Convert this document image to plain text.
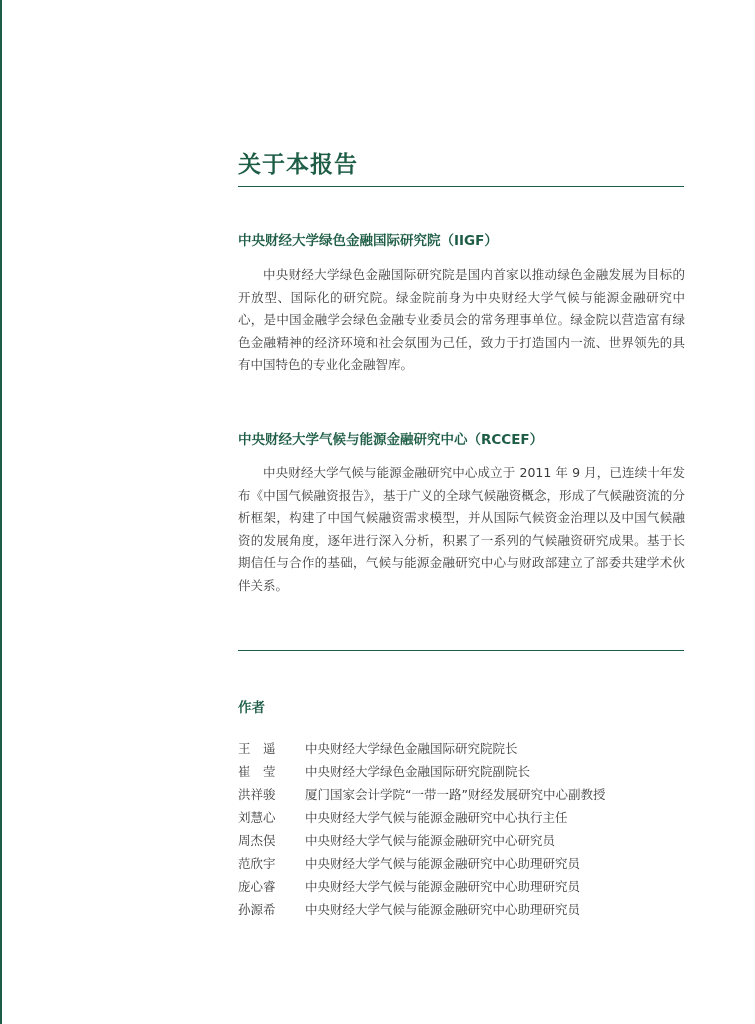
关于本报告
中央财经大学绿色金融国际研究院（IIGF）

中央财经大学绿色金融国际研究院是国内首家以推动绿色金融发展为目标的开放型、国际化的研究院。绿金院前身为中央财经大学气候与能源金融研究中心，是中国金融学会绿色金融专业委员会的常务理事单位。绿金院以营造富有绿色金融精神的经济环境和社会氛围为己任，致力于打造国内一流、世界领先的具有中国特色的专业化金融智库。

中央财经大学气候与能源金融研究中心（RCCEF）

中央财经大学气候与能源金融研究中心成立于 2011 年 9 月，已连续十年发布《中国气候融资报告》，基于广义的全球气候融资概念，形成了气候融资流的分析框架，构建了中国气候融资需求模型，并从国际气候资金治理以及中国气候融资的发展角度，逐年进行深入分析，积累了一系列的气候融资研究成果。基于长期信任与合作的基础，气候与能源金融研究中心与财政部建立了部委共建学术伙伴关系。

作者
王　遥	中央财经大学绿色金融国际研究院院长
崔　莹	中央财经大学绿色金融国际研究院副院长
洪祥骏	厦门国家会计学院“一带一路”财经发展研究中心副教授
刘慧心	中央财经大学气候与能源金融研究中心执行主任
周杰俣	中央财经大学气候与能源金融研究中心研究员
范欣宇	中央财经大学气候与能源金融研究中心助理研究员
庞心睿	中央财经大学气候与能源金融研究中心助理研究员
孙源希	中央财经大学气候与能源金融研究中心助理研究员
